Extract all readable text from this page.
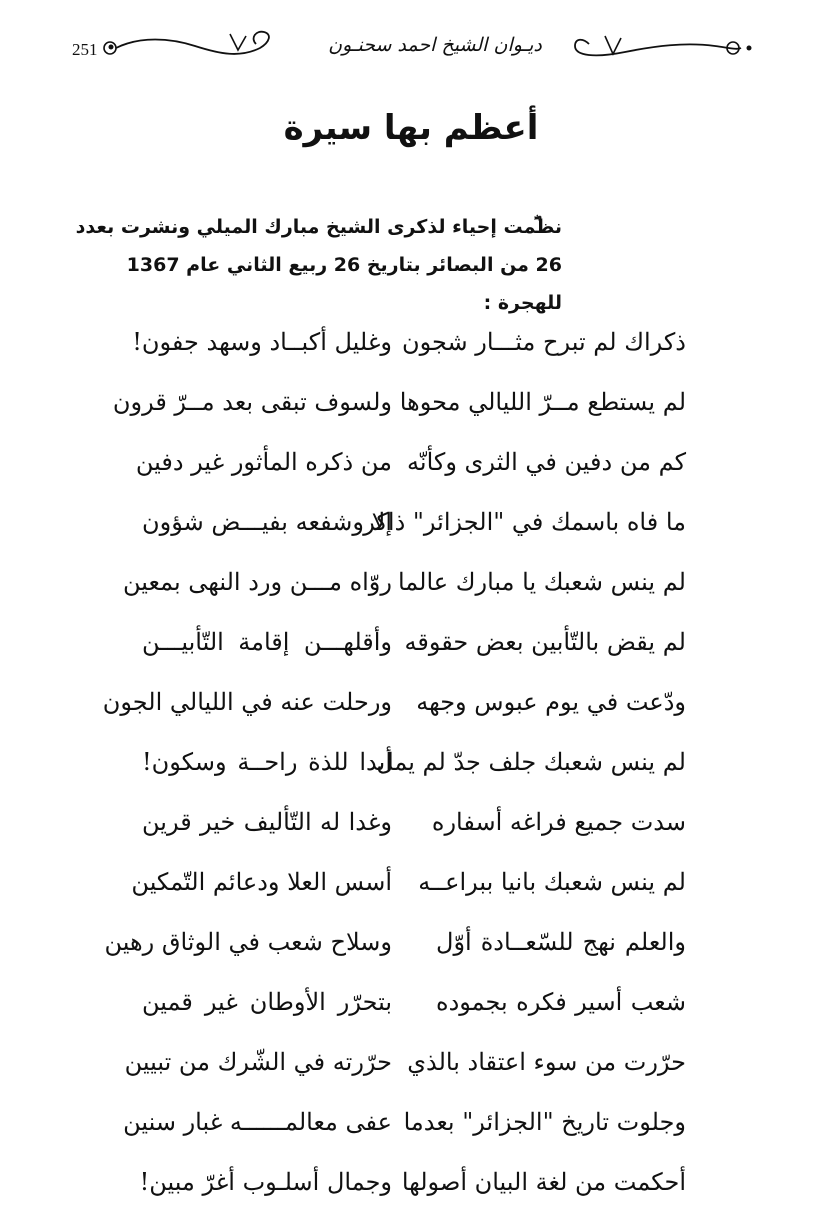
251	ديـوان الشيخ احمد سحنـون
أعظم بها سيرة
نظمت إحياء لذكرى الشيخ مبارك الميلي ونشرت بعدد
26 من البصائر بتاريخ 26 ربيع الثاني عام 1367 للهجرة :
ذكراك لم تبرح مثـــار شجون
وغليل أكبــاد وسهد جفون!
لم يستطع مــرّ الليالي محوها
ولسوف تبقى بعد مــرّ قرون
كم من دفين في الثرى وكأنّه
من ذكره المأثور غير دفين
ما فاه باسمك في "الجزائر" ذاكر
إلا وشفعه بفيـــض شؤون
لم ينس شعبك يا مبارك عالما
روّاه مـــن ورد النهى بمعين
لم يقض بالتّأبين بعض حقوقه
وأقلهـــن إقامة التّأبيـــن
ودّعت في يوم عبوس وجهه
ورحلت عنه في الليالي الجون
لم ينس شعبك جلف جدّ لم يمل
أبدا للذة راحــة وسكون!
سدت جميع فراغه أسفاره
وغدا له التّأليف خير قرين
لم ينس شعبك بانيا ببراعــه
أسس العلا ودعائم التّمكين
والعلم نهج للسّعــادة أوّل
وسلاح شعب في الوثاق رهين
شعب أسير فكره بجموده
بتحرّر الأوطان غير قمين
حرّرت من سوء اعتقاد بالذي
حرّرته في الشّرك من تبيين
وجلوت تاريخ "الجزائر" بعدما
عفى معالمــــــه غبار سنين
أحكمت من لغة البيان أصولها
وجمال أسلـوب أغرّ مبين!
